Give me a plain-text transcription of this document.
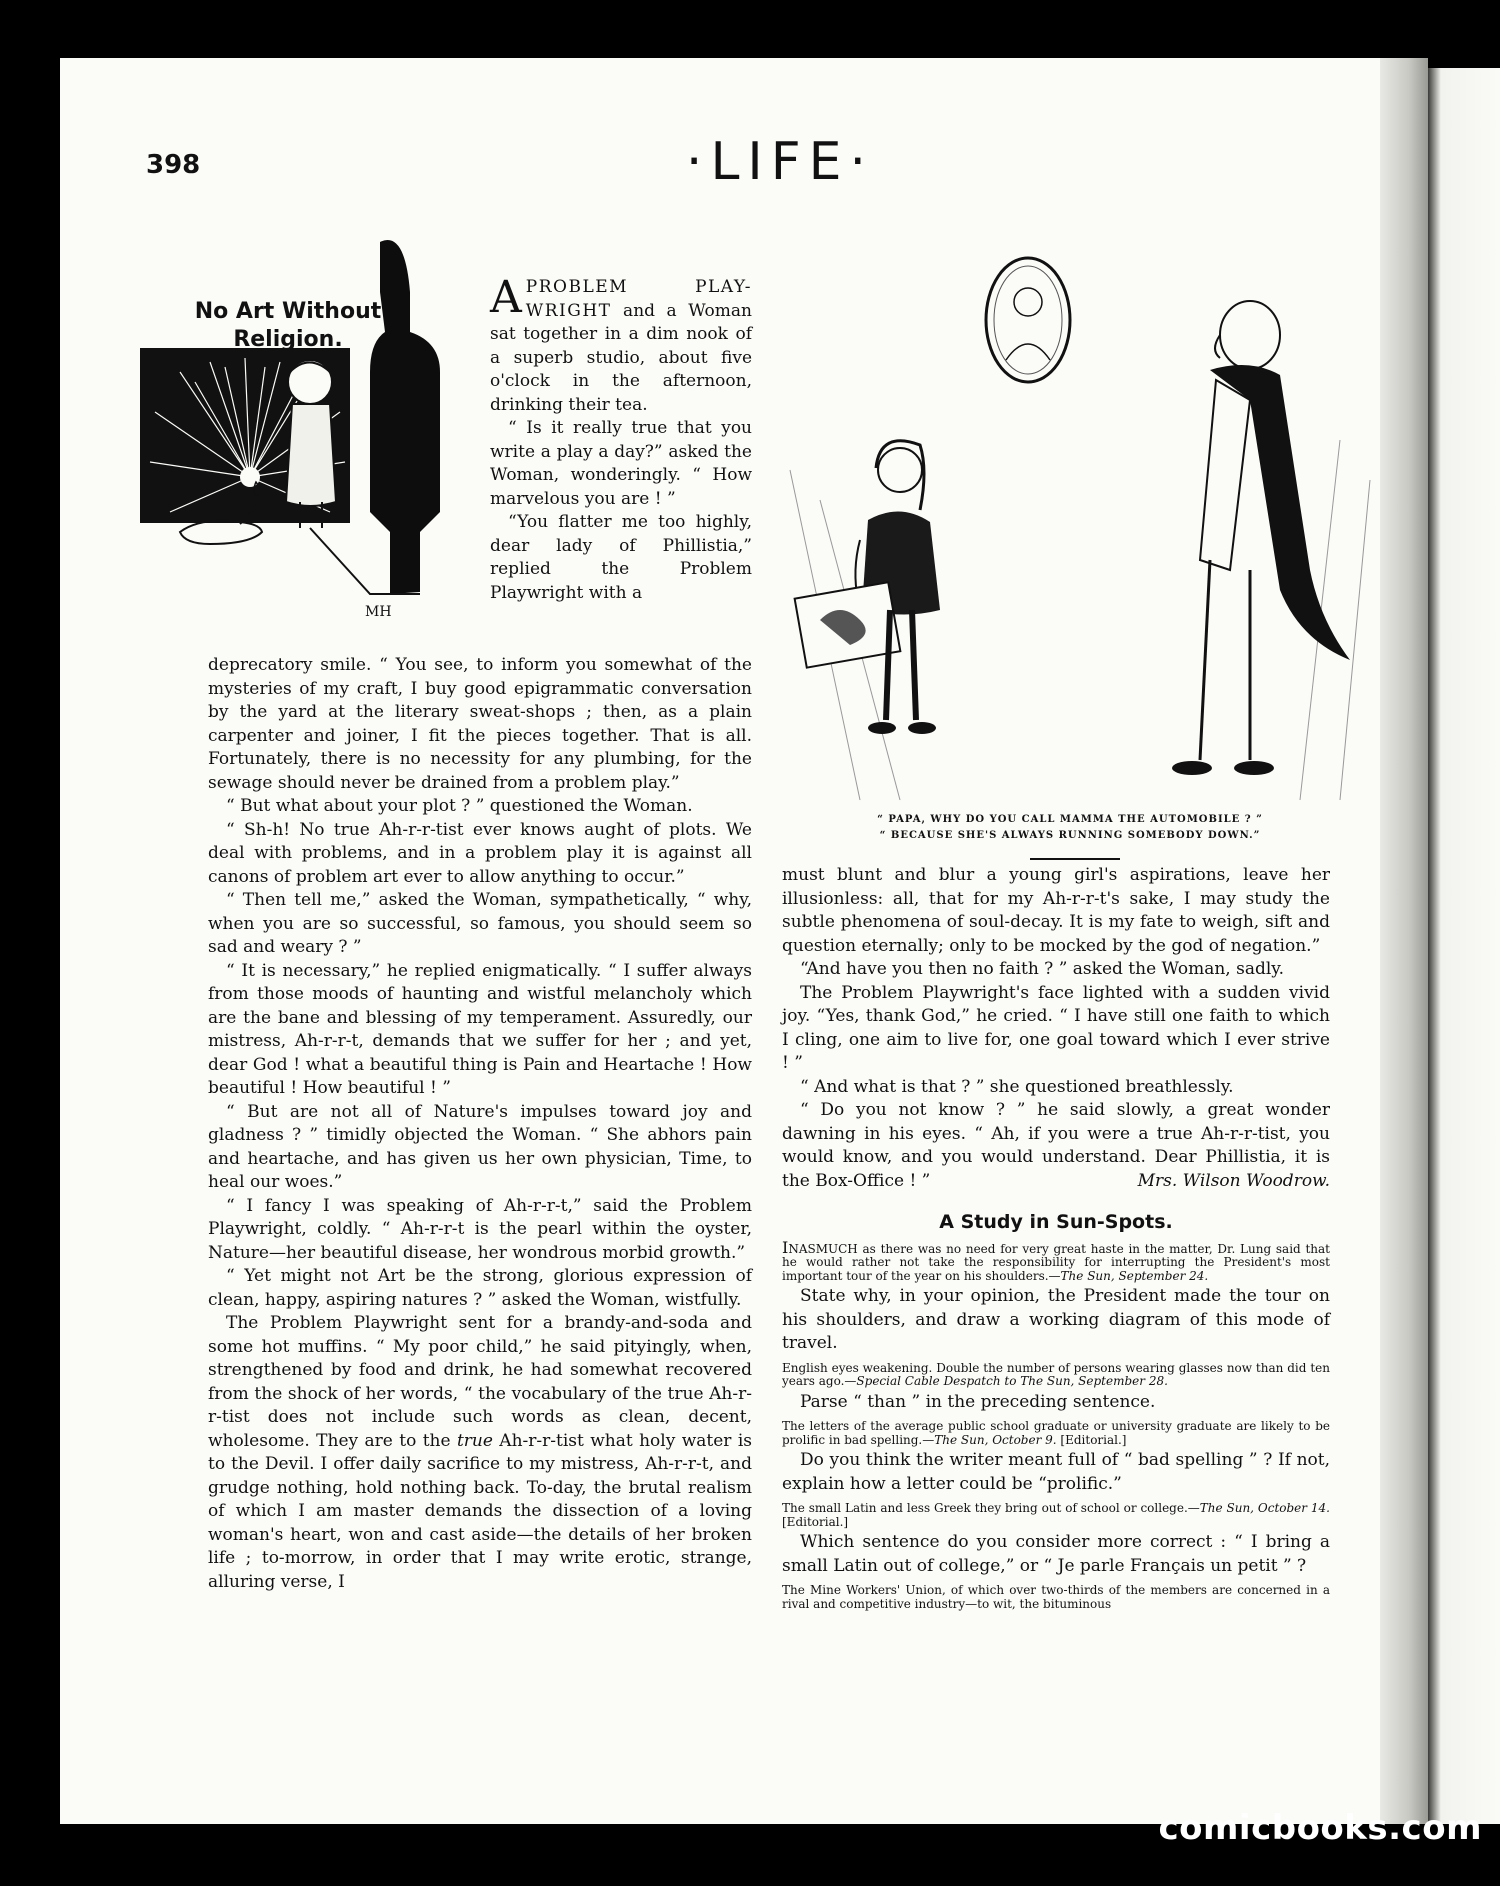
398	·LIFE·
MH
No Art Without
Religion.

APROBLEM PLAY-WRIGHT and a Woman sat together in a dim nook of a superb studio, about five o'clock in the afternoon, drinking their tea.

“ Is it really true that you write a play a day?” asked the Woman, wonderingly. “ How marvelous you are ! ”

“You flatter me too highly, dear lady of Phillistia,” replied the Problem Playwright with a

deprecatory smile. “ You see, to inform you somewhat of the mysteries of my craft, I buy good epigrammatic conversation by the yard at the literary sweat-shops ; then, as a plain carpenter and joiner, I fit the pieces together. That is all. Fortunately, there is no necessity for any plumbing, for the sewage should never be drained from a problem play.”

“ But what about your plot ? ” questioned the Woman.

“ Sh-h! No true Ah-r-r-tist ever knows aught of plots. We deal with problems, and in a problem play it is against all canons of problem art ever to allow anything to occur.”

“ Then tell me,” asked the Woman, sympathetically, “ why, when you are so successful, so famous, you should seem so sad and weary ? ”

“ It is necessary,” he replied enigmatically. “ I suffer always from those moods of haunting and wistful melancholy which are the bane and blessing of my temperament. Assuredly, our mistress, Ah-r-r-t, demands that we suffer for her ; and yet, dear God ! what a beautiful thing is Pain and Heartache ! How beautiful ! How beautiful ! ”

“ But are not all of Nature's impulses toward joy and gladness ? ” timidly objected the Woman. “ She abhors pain and heartache, and has given us her own physician, Time, to heal our woes.”

“ I fancy I was speaking of Ah-r-r-t,” said the Problem Playwright, coldly. “ Ah-r-r-t is the pearl within the oyster, Nature—her beautiful disease, her wondrous morbid growth.”

“ Yet might not Art be the strong, glorious expression of clean, happy, aspiring natures ? ” asked the Woman, wistfully.

The Problem Playwright sent for a brandy-and-soda and some hot muffins. “ My poor child,” he said pityingly, when, strengthened by food and drink, he had somewhat recovered from the shock of her words, “ the vocabulary of the true Ah-r-r-tist does not include such words as clean, decent, wholesome. They are to the true Ah-r-r-tist what holy water is to the Devil. I offer daily sacrifice to my mistress, Ah-r-r-t, and grudge nothing, hold nothing back. To-day, the brutal realism of which I am master demands the dissection of a loving woman's heart, won and cast aside—the details of her broken life ; to-morrow, in order that I may write erotic, strange, alluring verse, I

“ PAPA, WHY DO YOU CALL MAMMA THE AUTOMOBILE ? ”

“ BECAUSE SHE'S ALWAYS RUNNING SOMEBODY DOWN.”

must blunt and blur a young girl's aspirations, leave her illusionless: all, that for my Ah-r-r-t's sake, I may study the subtle phenomena of soul-decay. It is my fate to weigh, sift and question eternally; only to be mocked by the god of negation.”

“And have you then no faith ? ” asked the Woman, sadly.

The Problem Playwright's face lighted with a sudden vivid joy. “Yes, thank God,” he cried. “ I have still one faith to which I cling, one aim to live for, one goal toward which I ever strive ! ”

“ And what is that ? ” she questioned breathlessly.

“ Do you not know ? ” he said slowly, a great wonder dawning in his eyes. “ Ah, if you were a true Ah-r-r-tist, you would know, and you would understand. Dear Phillistia, it is the Box-Office ! ”	Mrs. Wilson Woodrow.

A Study in Sun-Spots.

INASMUCH as there was no need for very great haste in the matter, Dr. Lung said that he would rather not take the responsibility for interrupting the President's most important tour of the year on his shoulders.—The Sun, September 24.

State why, in your opinion, the President made the tour on his shoulders, and draw a working diagram of this mode of travel.

English eyes weakening. Double the number of persons wearing glasses now than did ten years ago.—Special Cable Despatch to The Sun, September 28.

Parse “ than ” in the preceding sentence.

The letters of the average public school graduate or university graduate are likely to be prolific in bad spelling.—The Sun, October 9. [Editorial.]

Do you think the writer meant full of “ bad spelling ” ? If not, explain how a letter could be “prolific.”

The small Latin and less Greek they bring out of school or college.—The Sun, October 14. [Editorial.]

Which sentence do you consider more correct : “ I bring a small Latin out of college,” or “ Je parle Français un petit ” ?

The Mine Workers' Union, of which over two-thirds of the members are concerned in a rival and competitive industry—to wit, the bituminous

comicbooks.com
